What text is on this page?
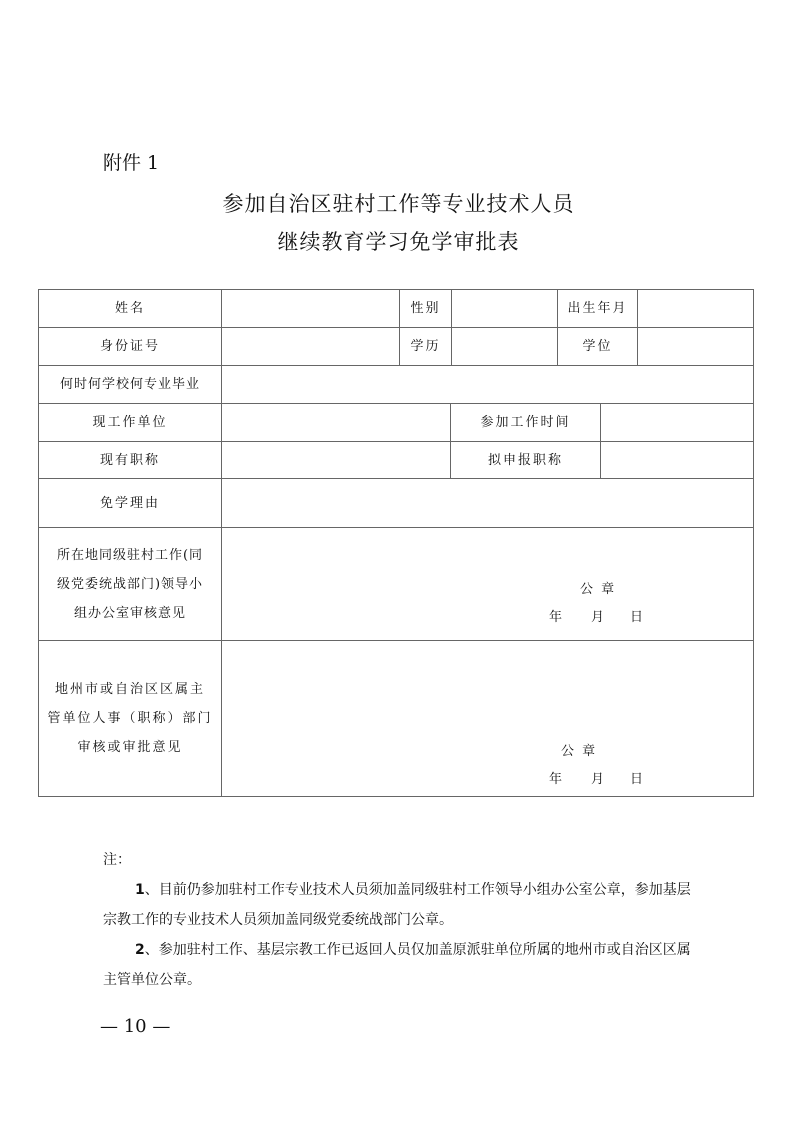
附件 1
参加自治区驻村工作等专业技术人员
继续教育学习免学审批表
姓名	性别	出生年月
身份证号	学历	学位
何时何学校何专业毕业
现工作单位	参加工作时间
现有职称	拟申报职称
免学理由
所在地同级驻村工作(同
级党委统战部门)领导小
组办公室审核意见
公 章
年 月 日
地州市或自治区区属主
管单位人事（职称）部门
审核或审批意见	公 章
年 月 日
注：
1、目前仍参加驻村工作专业技术人员须加盖同级驻村工作领导小组办公室公章，参加基层宗教工作的专业技术人员须加盖同级党委统战部门公章。
2、参加驻村工作、基层宗教工作已返回人员仅加盖原派驻单位所属的地州市或自治区区属主管单位公章。
— 10 —
